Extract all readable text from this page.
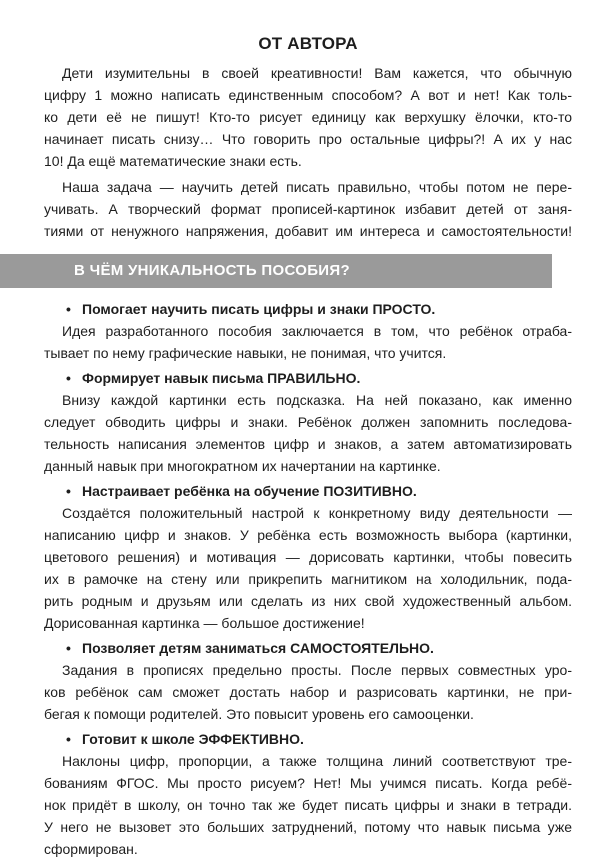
ОТ АВТОРА
Дети изумительны в своей креативности! Вам кажется, что обычную
цифру 1 можно написать единственным способом? А вот и нет! Как толь-
ко дети её не пишут! Кто-то рисует единицу как верхушку ёлочки, кто-то
начинает писать снизу… Что говорить про остальные цифры?! А их у нас
10! Да ещё математические знаки есть.
Наша задача — научить детей писать правильно, чтобы потом не пере-
учивать. А творческий формат прописей-картинок избавит детей от заня-
тиями от ненужного напряжения, добавит им интереса и самостоятельности!
В ЧЁМ УНИКАЛЬНОСТЬ ПОСОБИЯ?
• Помогает научить писать цифры и знаки ПРОСТО.
Идея разработанного пособия заключается в том, что ребёнок отраба-
тывает по нему графические навыки, не понимая, что учится.
• Формирует навык письма ПРАВИЛЬНО.
Внизу каждой картинки есть подсказка. На ней показано, как именно
следует обводить цифры и знаки. Ребёнок должен запомнить последова-
тельность написания элементов цифр и знаков, а затем автоматизировать
данный навык при многократном их начертании на картинке.
• Настраивает ребёнка на обучение ПОЗИТИВНО.
Создаётся положительный настрой к конкретному виду деятельности —
написанию цифр и знаков. У ребёнка есть возможность выбора (картинки,
цветового решения) и мотивация — дорисовать картинки, чтобы повесить
их в рамочке на стену или прикрепить магнитиком на холодильник, пода-
рить родным и друзьям или сделать из них свой художественный альбом.
Дорисованная картинка — большое достижение!
• Позволяет детям заниматься САМОСТОЯТЕЛЬНО.
Задания в прописях предельно просты. После первых совместных уро-
ков ребёнок сам сможет достать набор и разрисовать картинки, не при-
бегая к помощи родителей. Это повысит уровень его самооценки.
• Готовит к школе ЭФФЕКТИВНО.
Наклоны цифр, пропорции, а также толщина линий соответствуют тре-
бованиям ФГОС. Мы просто рисуем? Нет! Мы учимся писать. Когда ребё-
нок придёт в школу, он точно так же будет писать цифры и знаки в тетради.
У него не вызовет это больших затруднений, потому что навык письма уже
сформирован.
